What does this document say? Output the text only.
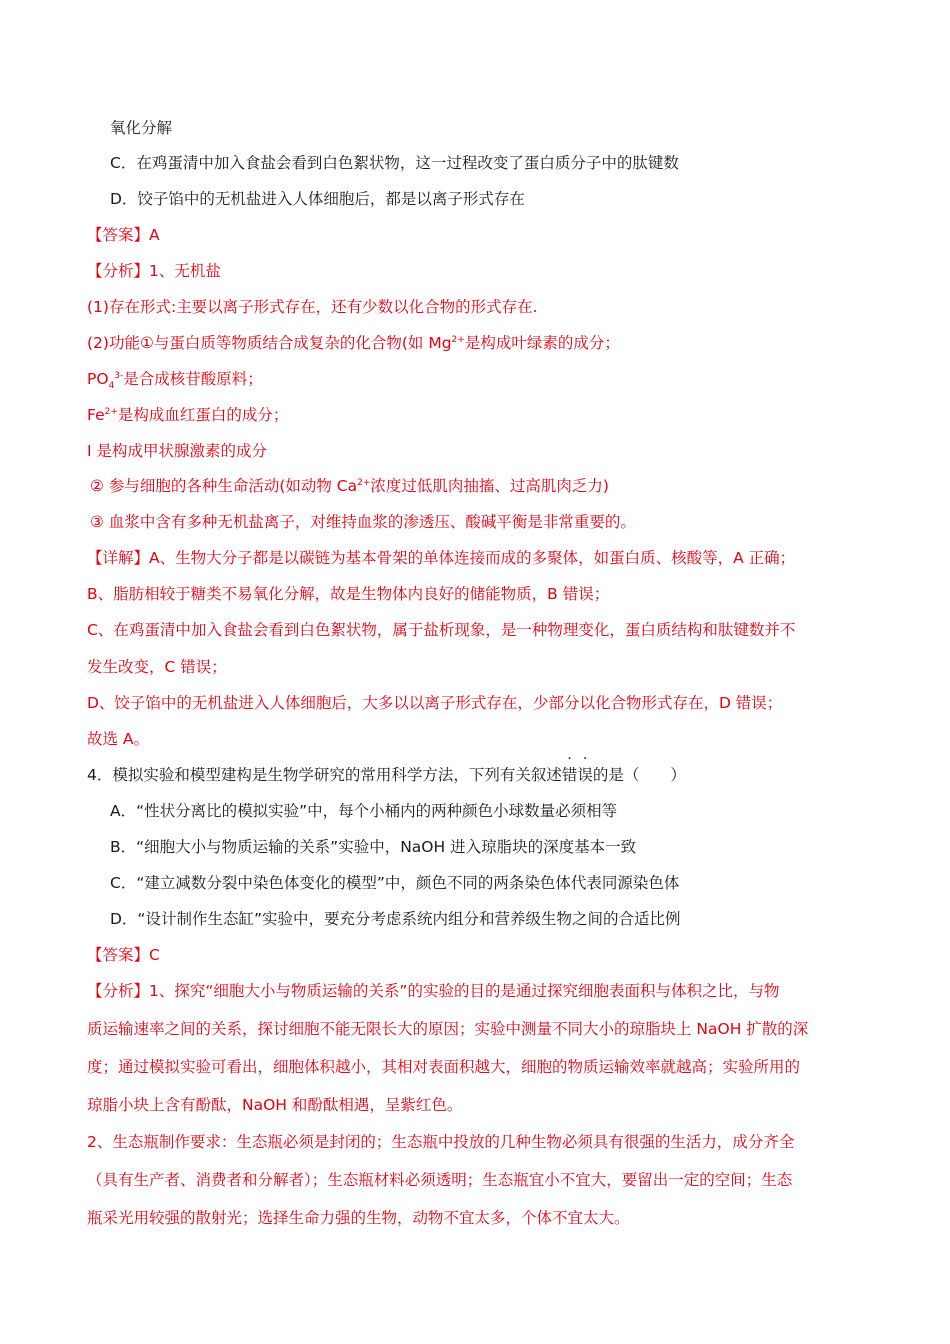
氧化分解
C．在鸡蛋清中加入食盐会看到白色絮状物，这一过程改变了蛋白质分子中的肽键数
D．饺子馅中的无机盐进入人体细胞后，都是以离子形式存在
【答案】A
【分析】1、无机盐
(1)存在形式:主要以离子形式存在，还有少数以化合物的形式存在.
(2)功能①与蛋白质等物质结合成复杂的化合物(如 $Mg^{2+}$是构成叶绿素的成分；
$PO_4^{3-}$是合成核苷酸原料；
$Fe^{2+}$是构成血红蛋白的成分；
I 是构成甲状腺激素的成分
② 参与细胞的各种生命活动(如动物 $Ca^{2+}$浓度过低肌肉抽搐、过高肌肉乏力)
③ 血浆中含有多种无机盐离子，对维持血浆的渗透压、酸碱平衡是非常重要的。
【详解】A、生物大分子都是以碳链为基本骨架的单体连接而成的多聚体，如蛋白质、核酸等，A 正确；
B、脂肪相较于糖类不易氧化分解，故是生物体内良好的储能物质，B 错误；
C、在鸡蛋清中加入食盐会看到白色絮状物，属于盐析现象，是一种物理变化，蛋白质结构和肽键数并不
发生改变，C 错误；
D、饺子馅中的无机盐进入人体细胞后，大多以以离子形式存在，少部分以化合物形式存在，D 错误；
故选 A。
4．模拟实验和模型建构是生物学研究的常用科学方法，下列有关叙述错误的是（　　）
A．“性状分离比的模拟实验”中，每个小桶内的两种颜色小球数量必须相等
B．“细胞大小与物质运输的关系”实验中，NaOH 进入琼脂块的深度基本一致
C．“建立减数分裂中染色体变化的模型”中，颜色不同的两条染色体代表同源染色体
D．“设计制作生态缸”实验中，要充分考虑系统内组分和营养级生物之间的合适比例
【答案】C
【分析】1、探究“细胞大小与物质运输的关系”的实验的目的是通过探究细胞表面积与体积之比，与物
质运输速率之间的关系，探讨细胞不能无限长大的原因；实验中测量不同大小的琼脂块上 NaOH 扩散的深
度；通过模拟实验可看出，细胞体积越小，其相对表面积越大，细胞的物质运输效率就越高；实验所用的
琼脂小块上含有酚酞，NaOH 和酚酞相遇，呈紫红色。
2、生态瓶制作要求：生态瓶必须是封闭的；生态瓶中投放的几种生物必须具有很强的生活力，成分齐全
（具有生产者、消费者和分解者）；生态瓶材料必须透明；生态瓶宜小不宜大，要留出一定的空间；生态
瓶采光用较强的散射光；选择生命力强的生物，动物不宜太多，个体不宜太大。
